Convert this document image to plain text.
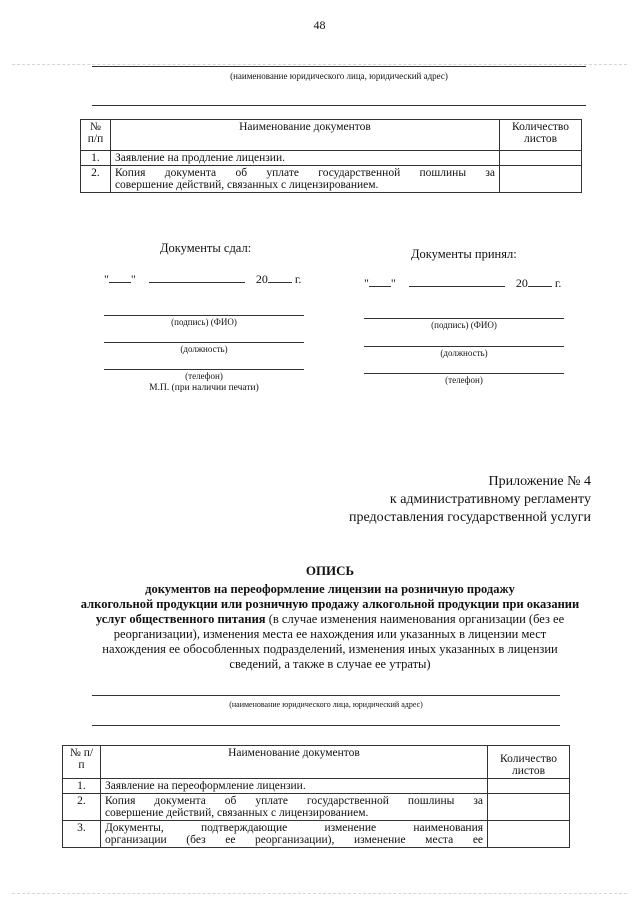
48
(наименование юридического лица, юридический адрес)
№ п/п	Наименование документов	Количество листов
1.	Заявление на продление лицензии.	
2.	Копия документа об уплате государственной пошлины за
совершение действий, связанных с лицензированием.	

Документы сдал:
" "	20 г.
(подпись) (ФИО)
(должность)
(телефон)
М.П. (при наличии печати)
Документы принял:
" "	20 г.
(подпись) (ФИО)
(должность)
(телефон)
Приложение № 4
к административному регламенту
предоставления государственной услуги
ОПИСЬ
документов на переоформление лицензии на розничную продажу
алкогольной продукции или розничную продажу алкогольной продукции при оказании
услуг общественного питания (в случае изменения наименования организации (без ее
реорганизации), изменения места ее нахождения или указанных в лицензии мест
нахождения ее обособленных подразделений, изменения иных указанных в лицензии
сведений, а также в случае ее утраты)
(наименование юридического лица, юридический адрес)
№ п/п	Наименование документов	Количество листов
1.	Заявление на переоформление лицензии.	
2.	Копия документа об уплате государственной пошлины за
совершение действий, связанных с лицензированием.	

3.	Документы, подтверждающие изменение наименования
организации (без ее реорганизации), изменение места ее	
